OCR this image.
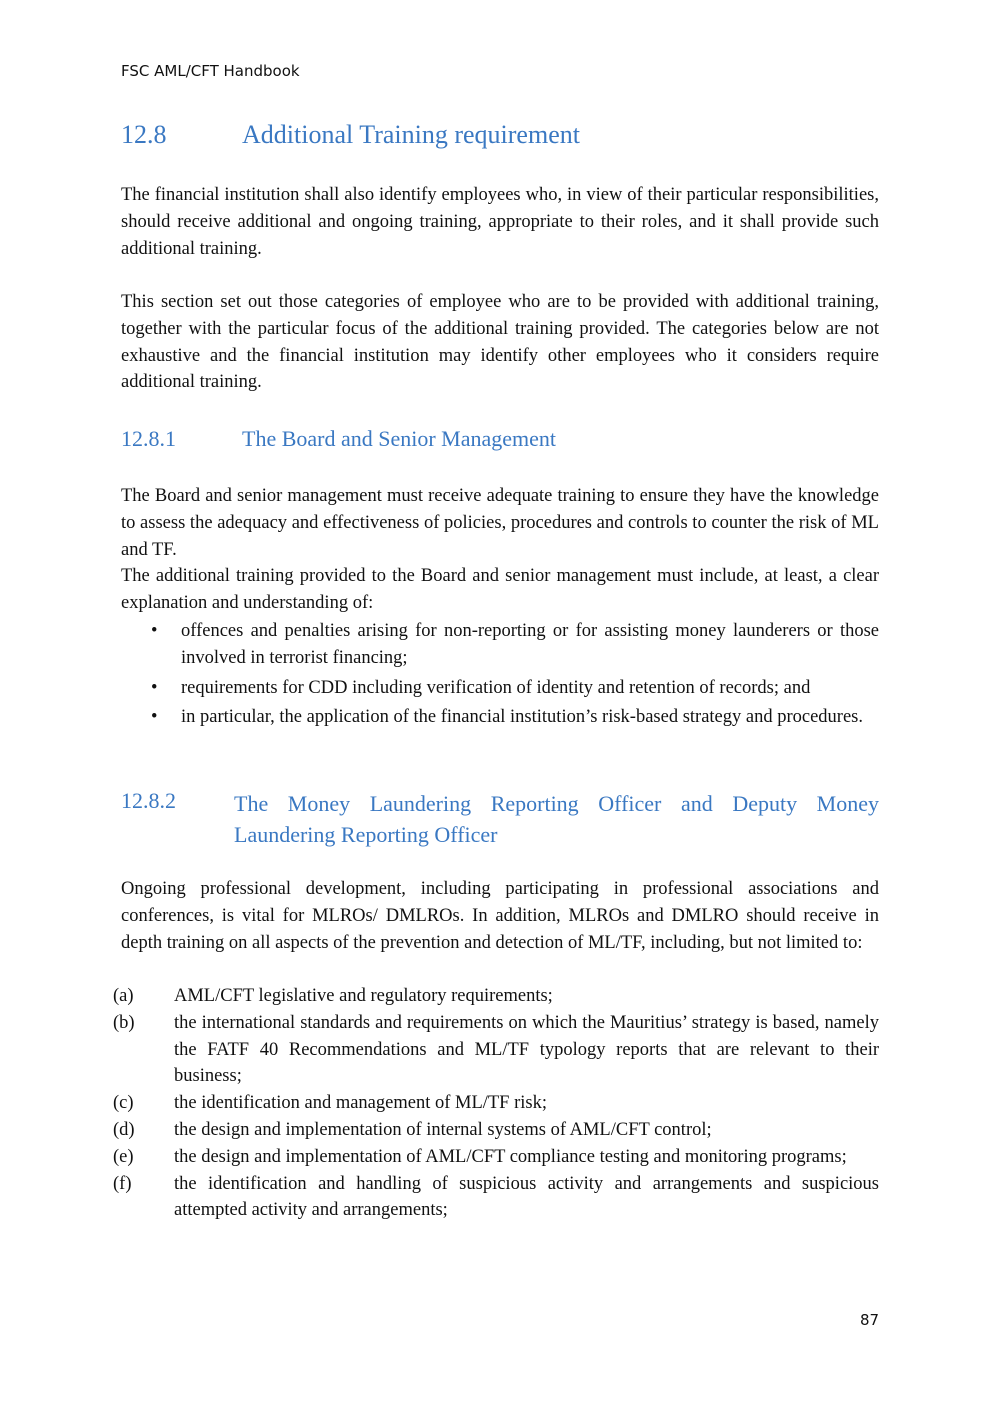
FSC AML/CFT Handbook
12.8	Additional Training requirement

The financial institution shall also identify employees who, in view of their particular responsibilities, should receive additional and ongoing training, appropriate to their roles, and it shall provide such additional training.

This section set out those categories of employee who are to be provided with additional training, together with the particular focus of the additional training provided. The categories below are not exhaustive and the financial institution may identify other employees who it considers require additional training.

12.8.1	The Board and Senior Management

The Board and senior management must receive adequate training to ensure they have the knowledge to assess the adequacy and effectiveness of policies, procedures and controls to counter the risk of ML and TF.

The additional training provided to the Board and senior management must include, at least, a clear explanation and understanding of:

• offences and penalties arising for non-reporting or for assisting money launderers or those involved in terrorist financing;
• requirements for CDD including verification of identity and retention of records; and
• in particular, the application of the financial institution’s risk-based strategy and procedures.
12.8.2	The Money Laundering Reporting Officer and Deputy Money Laundering Reporting Officer

Ongoing professional development, including participating in professional associations and conferences, is vital for MLROs/ DMLROs. In addition, MLROs and DMLRO should receive in depth training on all aspects of the prevention and detection of ML/TF, including, but not limited to:

(a) AML/CFT legislative and regulatory requirements;
(b) the international standards and requirements on which the Mauritius’ strategy is based, namely the FATF 40 Recommendations and ML/TF typology reports that are relevant to their business;
(c) the identification and management of ML/TF risk;
(d) the design and implementation of internal systems of AML/CFT control;
(e) the design and implementation of AML/CFT compliance testing and monitoring programs;
(f) the identification and handling of suspicious activity and arrangements and suspicious attempted activity and arrangements;
87
